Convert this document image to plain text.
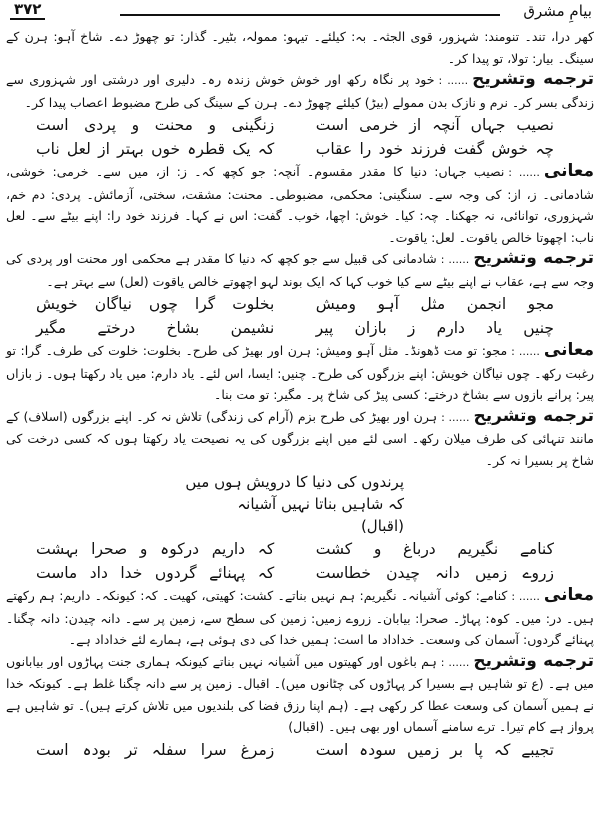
بیامِ مشرق
۳۷۲

کھر درا، تند۔ تنومند: شہزور، قوی الجثہ۔ بہ: کیلئے۔ تیہو: ممولہ، بٹیر۔ گذار: تو چھوڑ دے۔ شاخ آہو: ہرن کے سینگ۔ بیار: تولا، تو پیدا کر۔

ترجمه وتشریح...... :خود پر نگاہ رکھ اور خوش خوش زندہ رہ۔ دلیری اور درشتی اور شہزوری سے زندگی بسر کر۔ نرم و نازک بدن ممولے (بیڑ) کیلئے چھوڑ دے۔ ہرن کے سینگ کی طرح مضبوط اعصاب پیدا کر۔

نصیب جہاں آنچہ از خرمی است
زنگینی و محنت و پردی است
چہ خوش گفت فرزند خود را عقاب
کہ یک قطرہ خوں بہتر از لعل ناب

معانی...... :نصیب جہاں: دنیا کا مقدر مقسوم۔ آنچہ: جو کچھ کہ۔ ز: از، میں سے۔ خرمی: خوشی، شادمانی۔ ز، از: کی وجہ سے۔ سنگینی: محکمی، مضبوطی۔ محنت: مشقت، سختی، آزمائش۔ پردی: دم خم، شہزوری، توانائی، نہ جھکنا۔ چہ: کیا۔ خوش: اچھا، خوب۔ گفت: اس نے کہا۔ فرزند خود را: اپنے بیٹے سے۔ لعل ناب: اچھوتا خالص یاقوت۔ لعل: یاقوت۔

ترجمه وتشریح...... :شادمانی کی قبیل سے جو کچھ کہ دنیا کا مقدر ہے محکمی اور محنت اور پردی کی وجہ سے ہے، عقاب نے اپنے بیٹے سے کیا خوب کہا کہ ایک بوند لہو اچھوتے خالص یاقوت (لعل) سے بہتر ہے۔

مجو انجمن مثل آہو ومیش
بخلوت گرا چوں نیاگان خویش
چنیں یاد دارم ز بازان پیر
نشیمن بشاخ درختے مگیر

معانی...... :مجو: تو مت ڈھونڈ۔ مثل آہو ومیش: ہرن اور بھیڑ کی طرح۔ بخلوت: خلوت کی طرف۔ گرا: تو رغبت رکھ۔ چوں نیاگان خویش: اپنے بزرگوں کی طرح۔ چنیں: ایسا، اس لئے۔ یاد دارم: میں یاد رکھتا ہوں۔ ز بازاں پیر: پرانے بازوں سے بشاخ درختے: کسی پیڑ کی شاخ پر۔ مگیر: تو مت بنا۔

ترجمه وتشریح...... :ہرن اور بھیڑ کی طرح بزم (آرام کی زندگی) تلاش نہ کر۔ اپنے بزرگوں (اسلاف) کے مانند تنہائی کی طرف میلان رکھ۔ اسی لئے میں اپنے بزرگوں کی یہ نصیحت یاد رکھتا ہوں کہ کسی درخت کی شاخ پر بسیرا نہ کر۔

پرندوں کی دنیا کا درویش ہوں میں
کہ شاہیں بناتا نہیں آشیانہ
(اقبال)
کنامے نگیریم درباغ و کشت
کہ داریم درکوہ و صحرا بہشت
زروے زمیں دانہ چیدن خطاست
کہ پہنائے گردوں خدا داد ماست

معانی...... :کنامے: کوئی آشیانہ۔ نگیریم: ہم نہیں بناتے۔ کشت: کھیتی، کھیت۔ کہ: کیونکہ۔ داریم: ہم رکھتے ہیں۔ در: میں۔ کوہ: پہاڑ۔ صحرا: بیابان۔ زروے زمیں: زمین کی سطح سے، زمین پر سے۔ دانہ چیدن: دانہ چگنا۔ پہنائے گردوں: آسمان کی وسعت۔ خداداد ما است: ہمیں خدا کی دی ہوئی ہے، ہمارے لئے خداداد ہے۔

ترجمه وتشریح...... :ہم باغوں اور کھیتوں میں آشیانہ نہیں بناتے کیونکہ ہماری جنت پہاڑوں اور بیابانوں میں ہے۔ (ع تو شاہیں ہے بسیرا کر پہاڑوں کی چٹانوں میں)۔ اقبال۔ زمین پر سے دانہ چگنا غلط ہے۔ کیونکہ خدا نے ہمیں آسمان کی وسعت عطا کر رکھی ہے۔ (ہم اپنا رزق فضا کی بلندیوں میں تلاش کرتے ہیں)۔ تو شاہیں ہے پرواز ہے کام تیرا۔ ترے سامنے آسماں اور بھی ہیں۔ (اقبال)

تجیبے کہ پا بر زمیں سودہ است
زمرغ سرا سفلہ تر بودہ است
